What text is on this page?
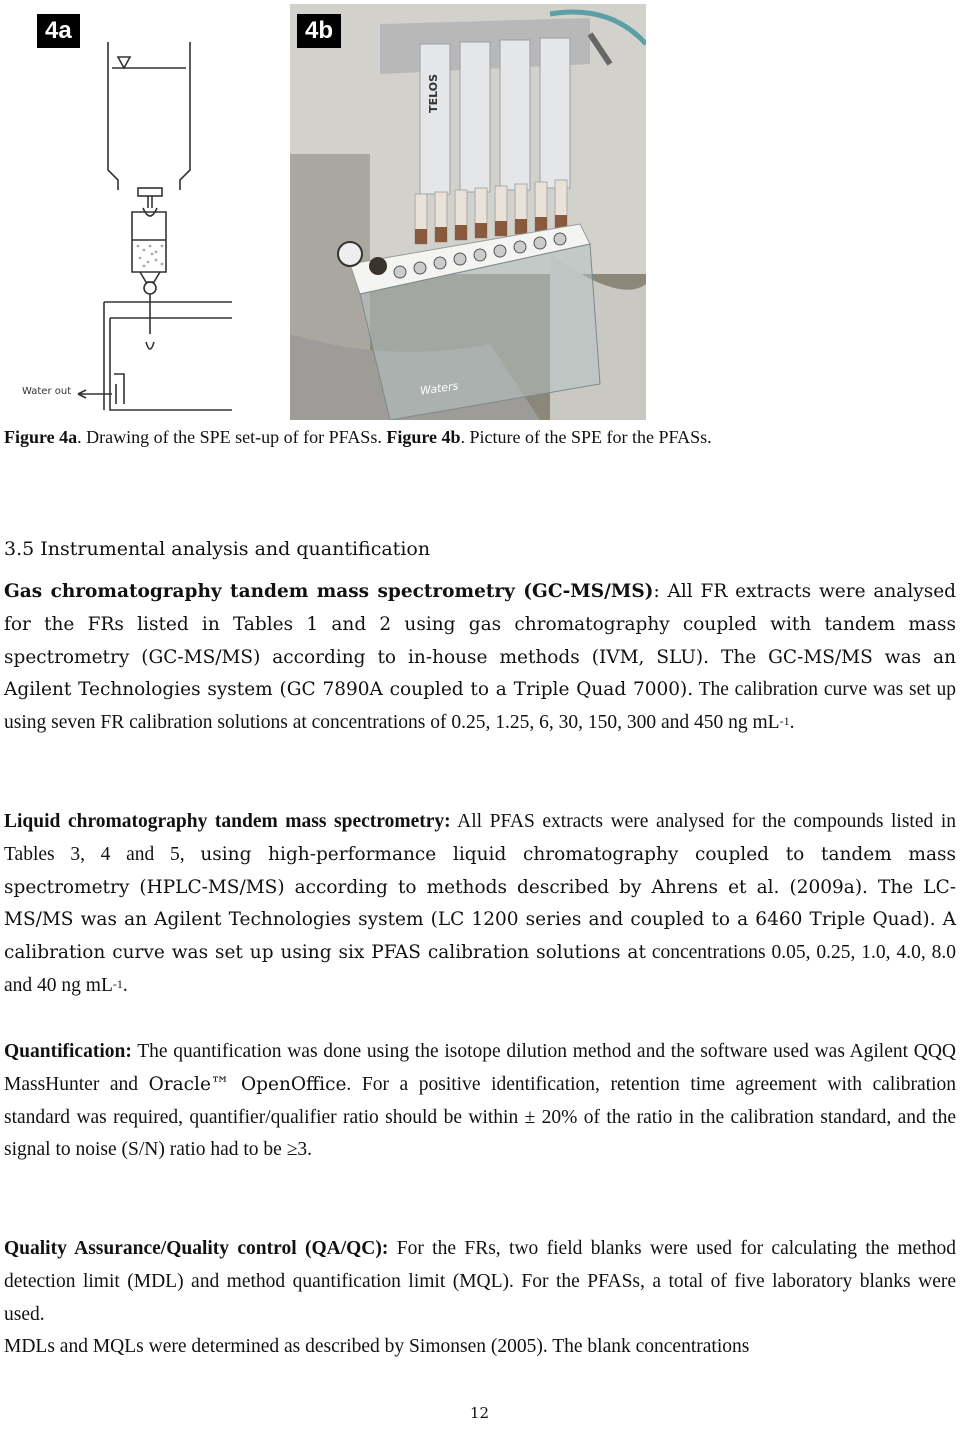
Water out
4a
TELOS
Waters
4b
Figure 4a. Drawing of the SPE set-up of for PFASs. Figure 4b. Picture of the SPE for the PFASs.
3.5 Instrumental analysis and quantification
Gas chromatography tandem mass spectrometry (GC-MS/MS): All FR extracts were analysed for the FRs listed in Tables 1 and 2 using gas chromatography coupled with tandem mass spectrometry (GC-MS/MS) according to in-house methods (IVM, SLU). The GC-MS/MS was an Agilent Technologies system (GC 7890A coupled to a Triple Quad 7000). The calibration curve was set up using seven FR calibration solutions at concentrations of 0.25, 1.25, 6, 30, 150, 300 and 450 ng $mL^{-1}$.
Liquid chromatography tandem mass spectrometry: All PFAS extracts were analysed for the compounds listed in Tables 3, 4 and 5, using high-performance liquid chromatography coupled to tandem mass spectrometry (HPLC-MS/MS) according to methods described by Ahrens et al. (2009a). The LC-MS/MS was an Agilent Technologies system (LC 1200 series and coupled to a 6460 Triple Quad). A calibration curve was set up using six PFAS calibration solutions at concentrations 0.05, 0.25, 1.0, 4.0, 8.0 and 40 ng $mL^{-1}$.
Quantification: The quantification was done using the isotope dilution method and the software used was Agilent QQQ MassHunter and Oracle™ OpenOffice. For a positive identification, retention time agreement with calibration standard was required, quantifier/qualifier ratio should be within ± 20% of the ratio in the calibration standard, and the signal to noise (S/N) ratio had to be ≥3.
Quality Assurance/Quality control (QA/QC): For the FRs, two field blanks were used for calculating the method detection limit (MDL) and method quantification limit (MQL). For the PFASs, a total of five laboratory blanks were used.
MDLs and MQLs were determined as described by Simonsen (2005). The blank concentrations
12
